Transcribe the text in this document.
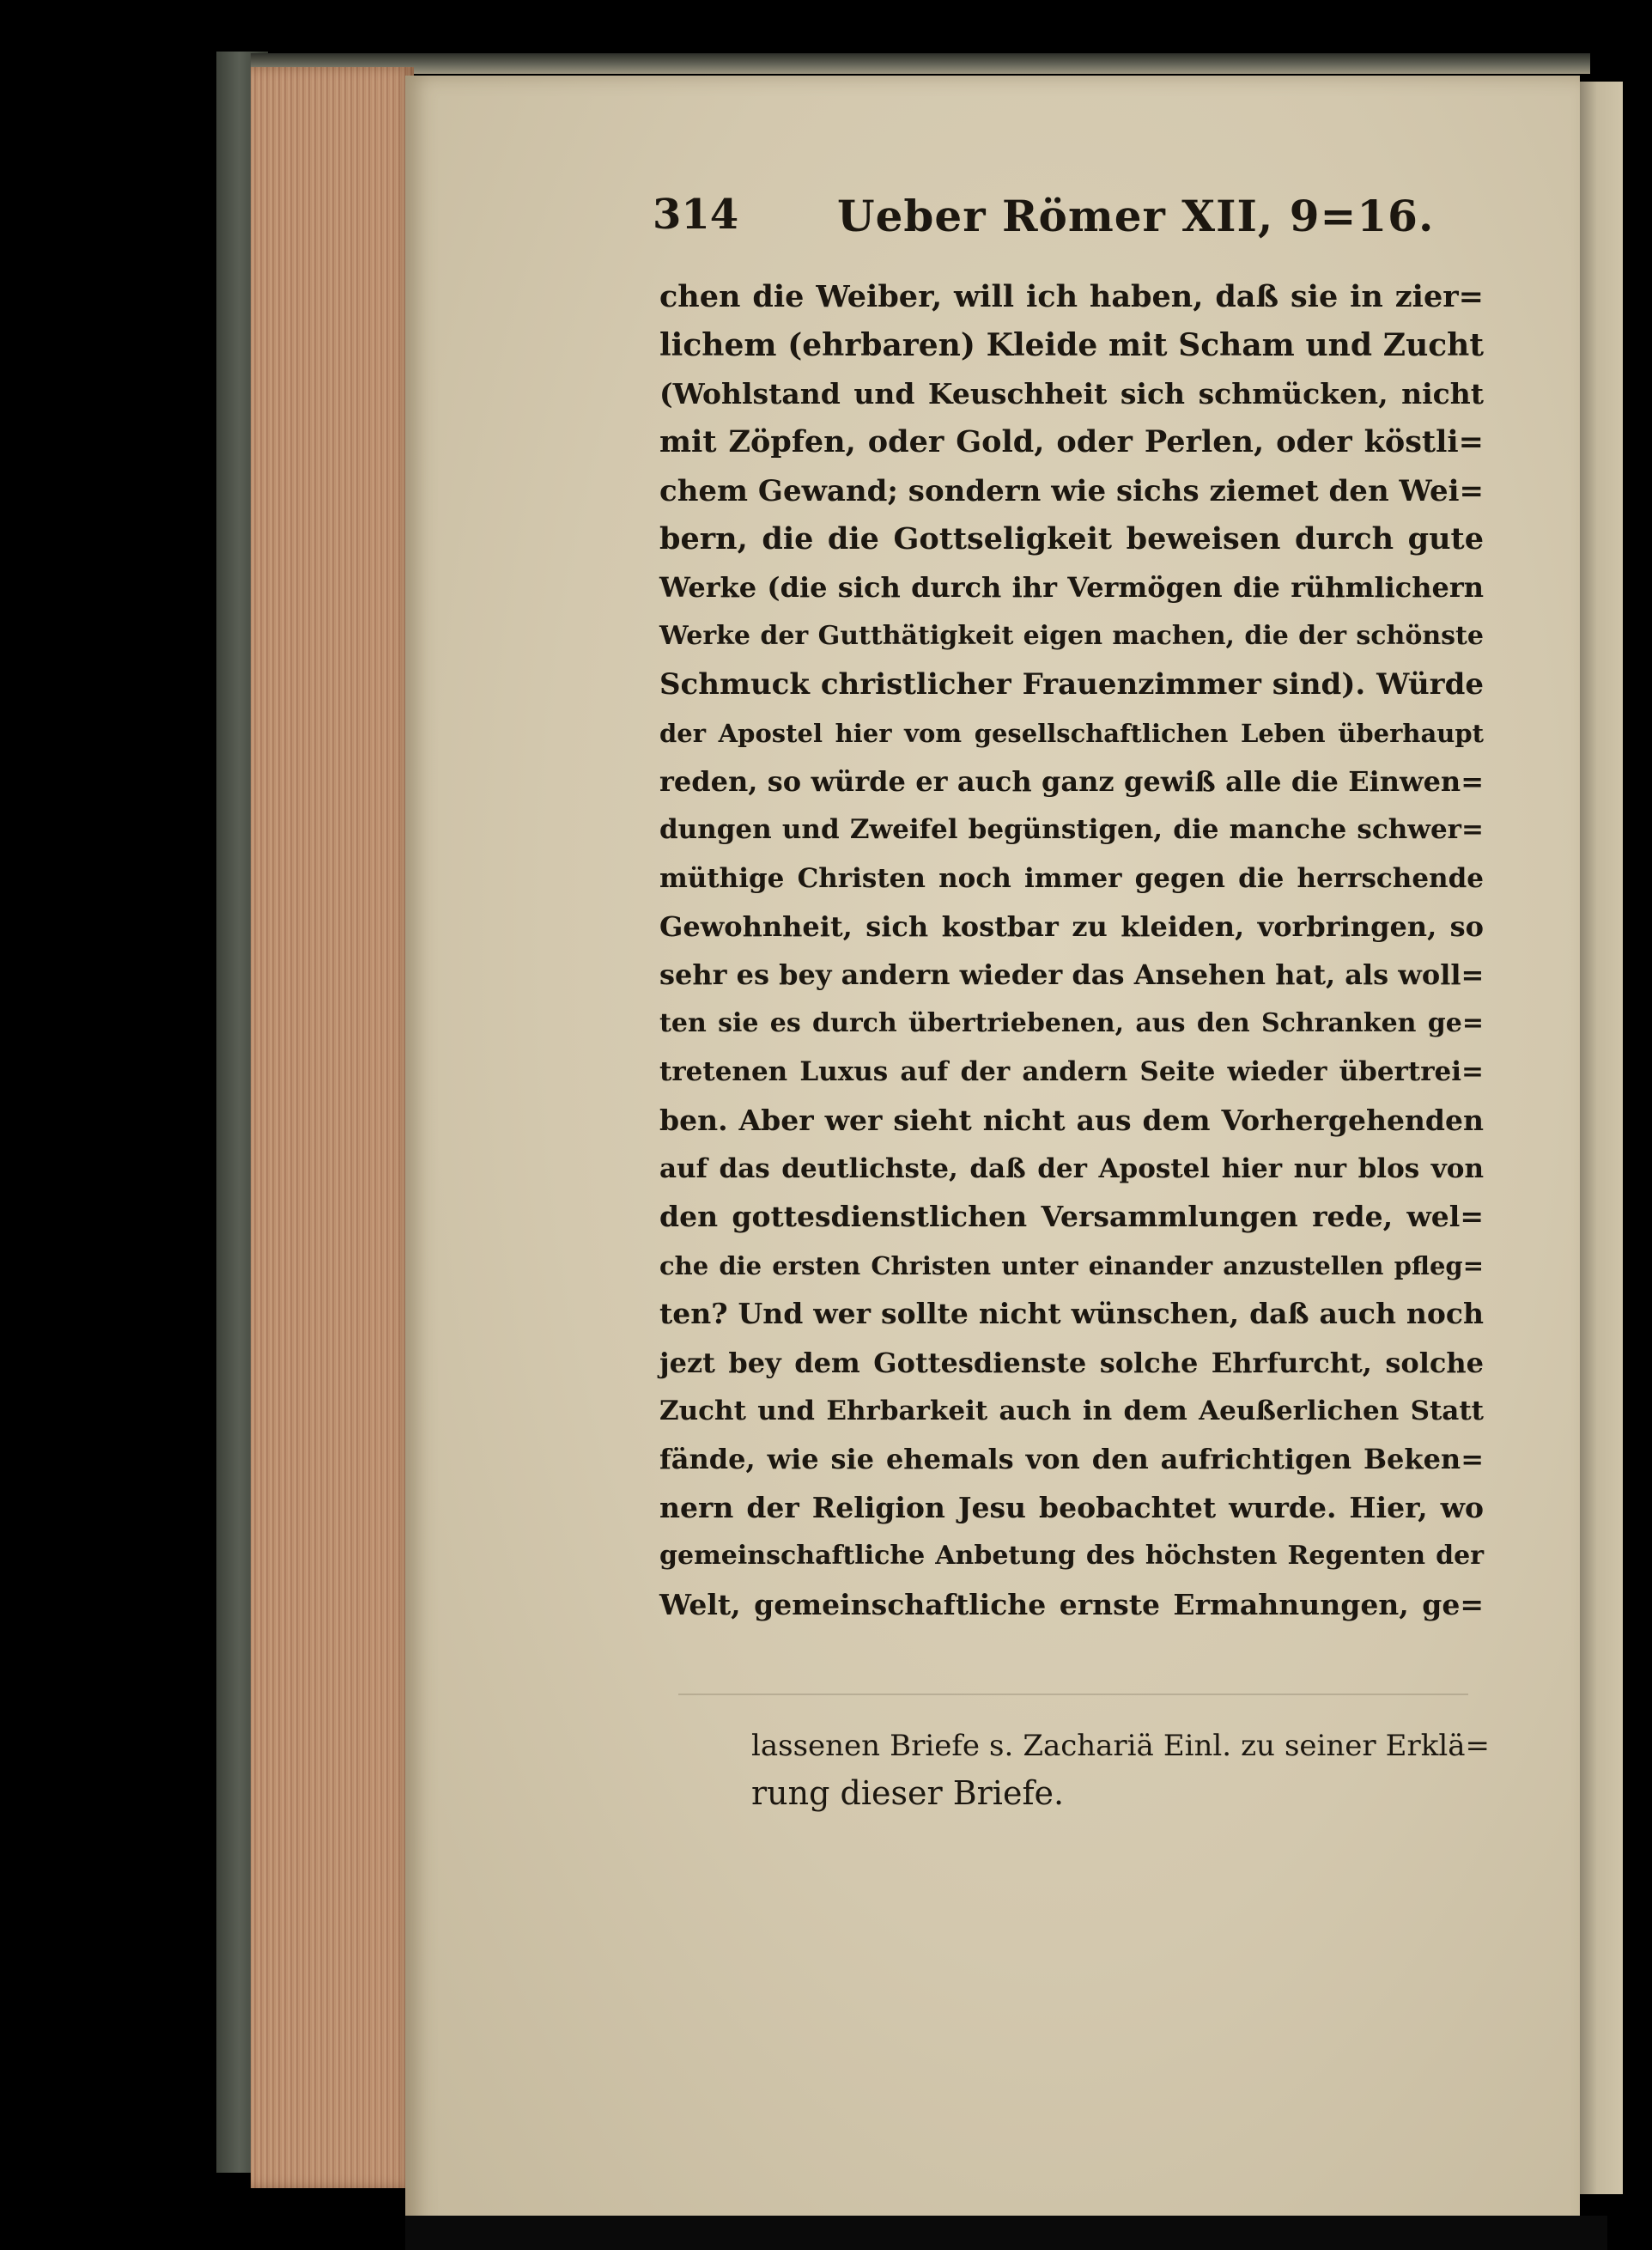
314 Ueber Römer XII, 9=16.
chen die Weiber, will ich haben, daß sie in zier=
lichem (ehrbaren) Kleide mit Scham und Zucht
(Wohlstand und Keuschheit sich schmücken, nicht
mit Zöpfen, oder Gold, oder Perlen, oder köstli=
chem Gewand; sondern wie sichs ziemet den Wei=
bern, die die Gottseligkeit beweisen durch gute
Werke (die sich durch ihr Vermögen die rühmlichern
Werke der Gutthätigkeit eigen machen, die der schönste
Schmuck christlicher Frauenzimmer sind). Würde
der Apostel hier vom gesellschaftlichen Leben überhaupt
reden, so würde er auch ganz gewiß alle die Einwen=
dungen und Zweifel begünstigen, die manche schwer=
müthige Christen noch immer gegen die herrschende
Gewohnheit, sich kostbar zu kleiden, vorbringen, so
sehr es bey andern wieder das Ansehen hat, als woll=
ten sie es durch übertriebenen, aus den Schranken ge=
tretenen Luxus auf der andern Seite wieder übertrei=
ben. Aber wer sieht nicht aus dem Vorhergehenden
auf das deutlichste, daß der Apostel hier nur blos von
den gottesdienstlichen Versammlungen rede, wel=
che die ersten Christen unter einander anzustellen pfleg=
ten? Und wer sollte nicht wünschen, daß auch noch
jezt bey dem Gottesdienste solche Ehrfurcht, solche
Zucht und Ehrbarkeit auch in dem Aeußerlichen Statt
fände, wie sie ehemals von den aufrichtigen Beken=
nern der Religion Jesu beobachtet wurde. Hier, wo
gemeinschaftliche Anbetung des höchsten Regenten der
Welt, gemeinschaftliche ernste Ermahnungen, ge=
lassenen Briefe s. Zachariä Einl. zu seiner Erklä=
rung dieser Briefe.
